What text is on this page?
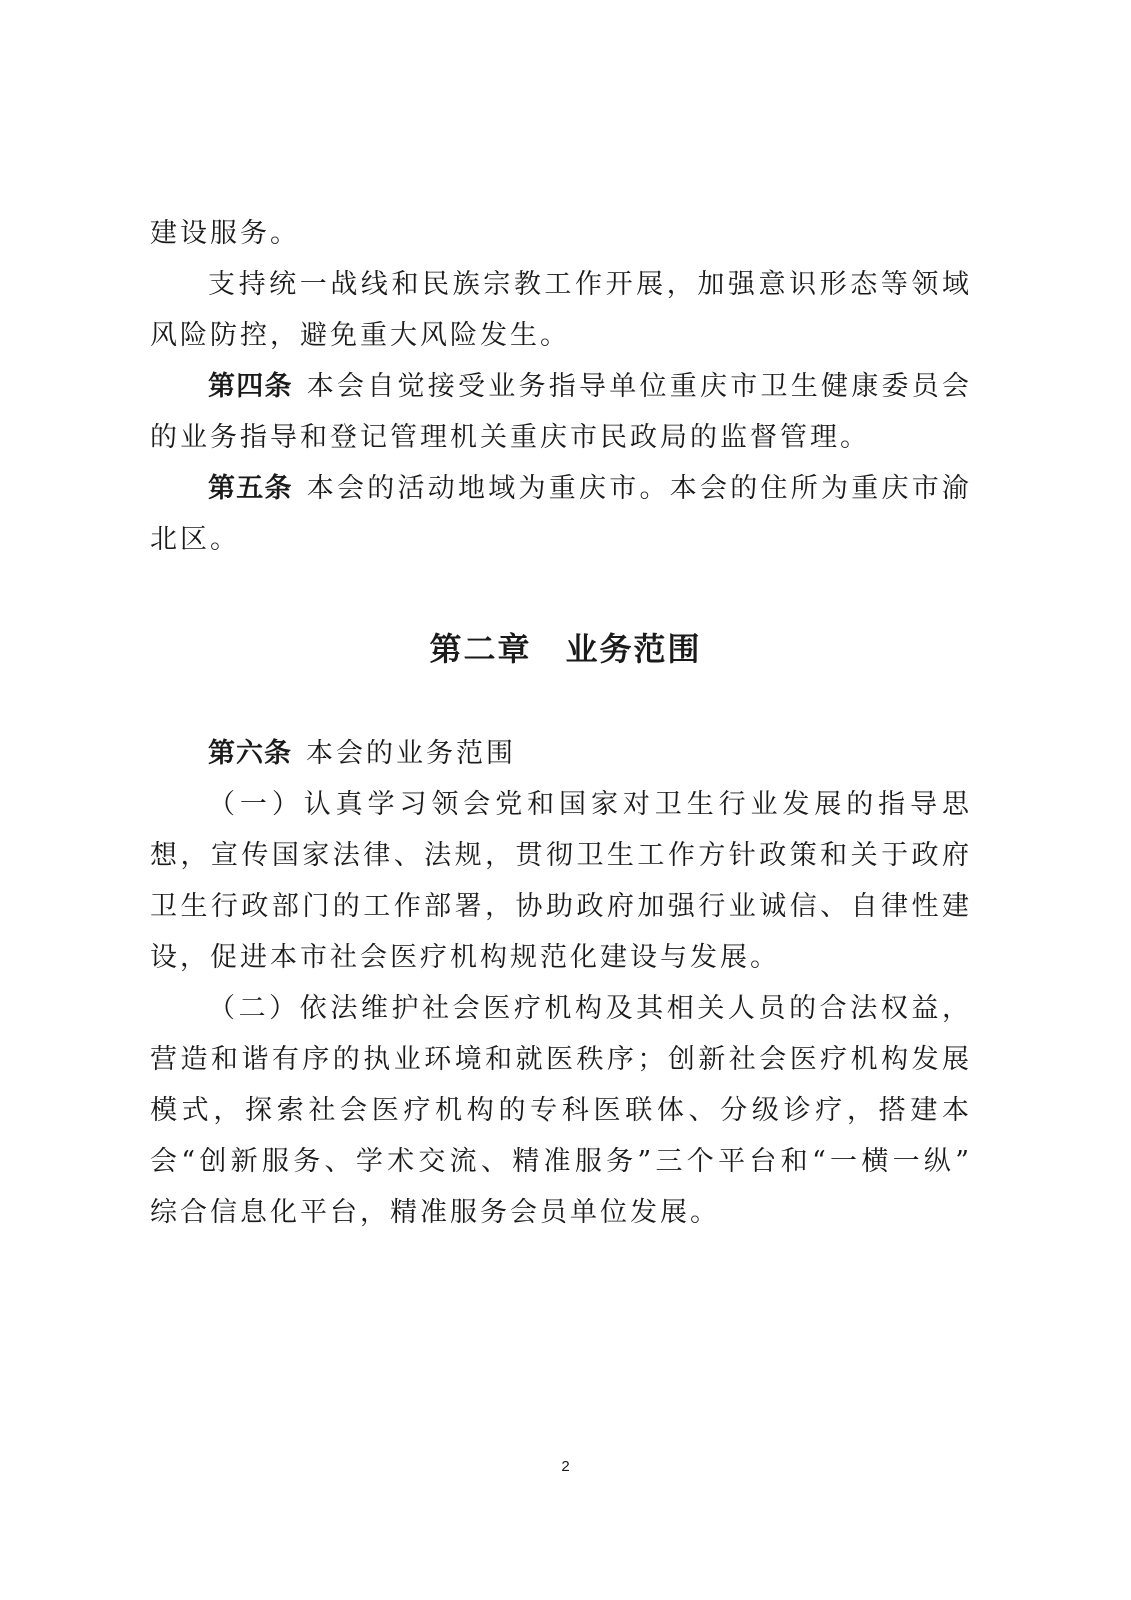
建设服务。

支持统一战线和民族宗教工作开展，加强意识形态等领域风险防控，避免重大风险发生。

第四条 本会自觉接受业务指导单位重庆市卫生健康委员会的业务指导和登记管理机关重庆市民政局的监督管理。

第五条 本会的活动地域为重庆市。本会的住所为重庆市渝北区。

第二章　业务范围

第六条 本会的业务范围

（一）认真学习领会党和国家对卫生行业发展的指导思想，宣传国家法律、法规，贯彻卫生工作方针政策和关于政府卫生行政部门的工作部署，协助政府加强行业诚信、自律性建设，促进本市社会医疗机构规范化建设与发展。

（二）依法维护社会医疗机构及其相关人员的合法权益，营造和谐有序的执业环境和就医秩序；创新社会医疗机构发展模式，探索社会医疗机构的专科医联体、分级诊疗，搭建本会“创新服务、学术交流、精准服务”三个平台和“一横一纵” 综合信息化平台，精准服务会员单位发展。

2
